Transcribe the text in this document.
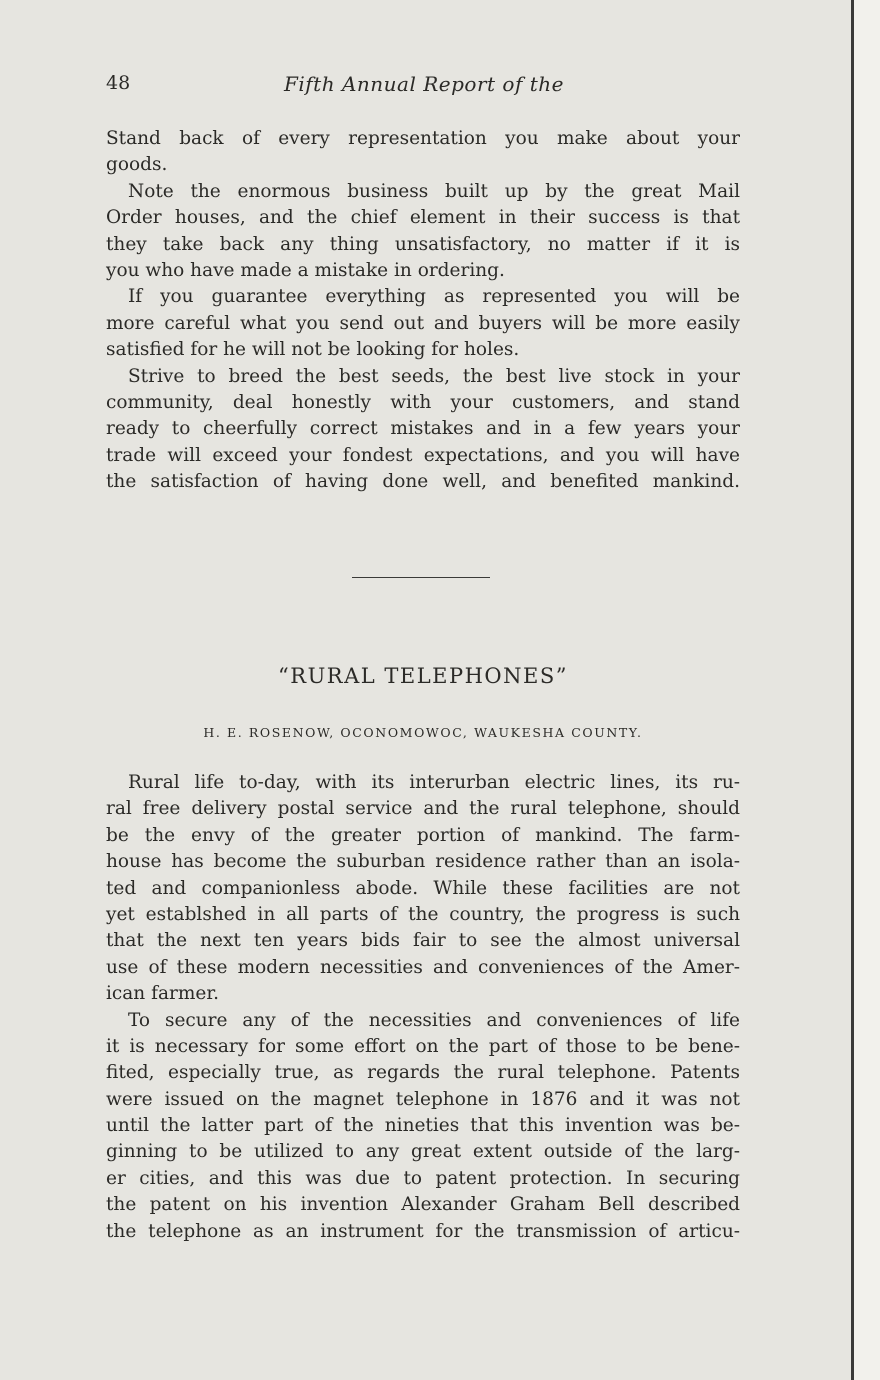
48	Fifth Annual Report of the
Stand back of every representation you make about your
goods.
Note the enormous business built up by the great Mail
Order houses, and the chief element in their success is that
they take back any thing unsatisfactory, no matter if it is
you who have made a mistake in ordering.
If you guarantee everything as represented you will be
more careful what you send out and buyers will be more easily
satisfied for he will not be looking for holes.
Strive to breed the best seeds, the best live stock in your
community, deal honestly with your customers, and stand
ready to cheerfully correct mistakes and in a few years your
trade will exceed your fondest expectations, and you will have
the satisfaction of having done well, and benefited mankind.
“RURAL TELEPHONES”
H. E. ROSENOW, OCONOMOWOC, WAUKESHA COUNTY.
Rural life to-day, with its interurban electric lines, its ru-
ral free delivery postal service and the rural telephone, should
be the envy of the greater portion of mankind. The farm-
house has become the suburban residence rather than an isola-
ted and companionless abode. While these facilities are not
yet establshed in all parts of the country, the progress is such
that the next ten years bids fair to see the almost universal
use of these modern necessities and conveniences of the Amer-
ican farmer.
To secure any of the necessities and conveniences of life
it is necessary for some effort on the part of those to be bene-
fited, especially true, as regards the rural telephone. Patents
were issued on the magnet telephone in 1876 and it was not
until the latter part of the nineties that this invention was be-
ginning to be utilized to any great extent outside of the larg-
er cities, and this was due to patent protection. In securing
the patent on his invention Alexander Graham Bell described
the telephone as an instrument for the transmission of articu-
